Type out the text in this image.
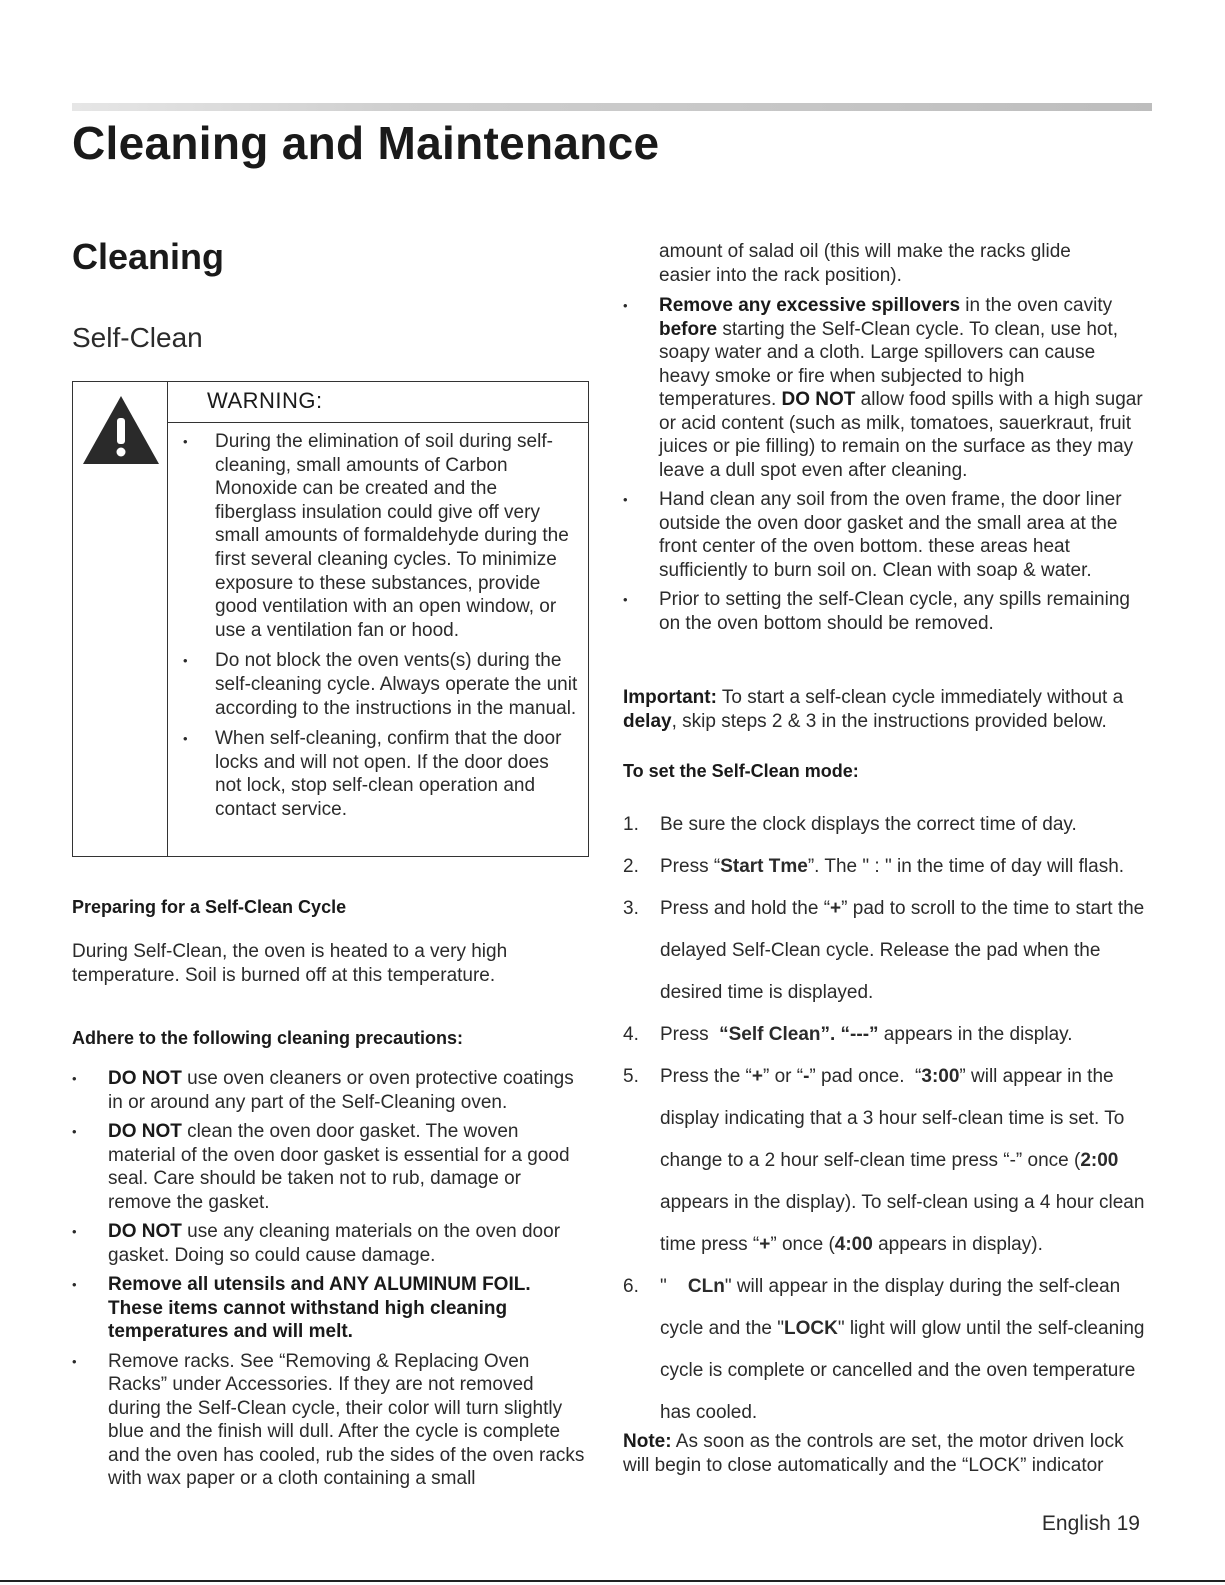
Cleaning and Maintenance
Cleaning
Self-Clean
WARNING:
• During the elimination of soil during self-cleaning, small amounts of Carbon Monoxide can be created and the fiberglass insulation could give off very small amounts of formaldehyde during the first several cleaning cycles. To minimize exposure to these substances, provide good ventilation with an open window, or use a ventilation fan or hood.
• Do not block the oven vents(s) during the self-cleaning cycle. Always operate the unit according to the instructions in the manual.
• When self-cleaning, confirm that the door locks and will not open. If the door does not lock, stop self-clean operation and contact service.
Preparing for a Self-Clean Cycle

During Self-Clean, the oven is heated to a very high temperature. Soil is burned off at this temperature.

Adhere to the following cleaning precautions:
• DO NOT use oven cleaners or oven protective coatings in or around any part of the Self-Cleaning oven.
• DO NOT clean the oven door gasket. The woven material of the oven door gasket is essential for a good seal. Care should be taken not to rub, damage or remove the gasket.
• DO NOT use any cleaning materials on the oven door gasket. Doing so could cause damage.
• Remove all utensils and ANY ALUMINUM FOIL. These items cannot withstand high cleaning temperatures and will melt.
• Remove racks. See “Removing & Replacing Oven Racks” under Accessories. If they are not removed during the Self-Clean cycle, their color will turn slightly blue and the finish will dull. After the cycle is complete and the oven has cooled, rub the sides of the oven racks with wax paper or a cloth containing a small

amount of salad oil (this will make the racks glide easier into the rack position).

• Remove any excessive spillovers in the oven cavity before starting the Self-Clean cycle. To clean, use hot, soapy water and a cloth. Large spillovers can cause heavy smoke or fire when subjected to high temperatures. DO NOT allow food spills with a high sugar or acid content (such as milk, tomatoes, sauerkraut, fruit juices or pie filling) to remain on the surface as they may leave a dull spot even after cleaning.
• Hand clean any soil from the oven frame, the door liner outside the oven door gasket and the small area at the front center of the oven bottom. these areas heat sufficiently to burn soil on. Clean with soap & water.
• Prior to setting the self-Clean cycle, any spills remaining on the oven bottom should be removed.

Important: To start a self-clean cycle immediately without a delay, skip steps 2 & 3 in the instructions provided below.

To set the Self-Clean mode:
1. Be sure the clock displays the correct time of day.
2. Press “Start Tme”. The " : " in the time of day will flash.
3. Press and hold the “+” pad to scroll to the time to start the delayed Self-Clean cycle. Release the pad when the desired time is displayed.
4. Press  “Self Clean”. “---” appears in the display.
5. Press the “+” or “-” pad once.  “3:00” will appear in the display indicating that a 3 hour self-clean time is set. To change to a 2 hour self-clean time press “-” once (2:00 appears in the display). To self-clean using a 4 hour clean time press “+” once (4:00 appears in display).
6. "    CLn" will appear in the display during the self-clean cycle and the "LOCK" light will glow until the self-cleaning cycle is complete or cancelled and the oven temperature has cooled.

Note: As soon as the controls are set, the motor driven lock will begin to close automatically and the “LOCK” indicator

English 19
